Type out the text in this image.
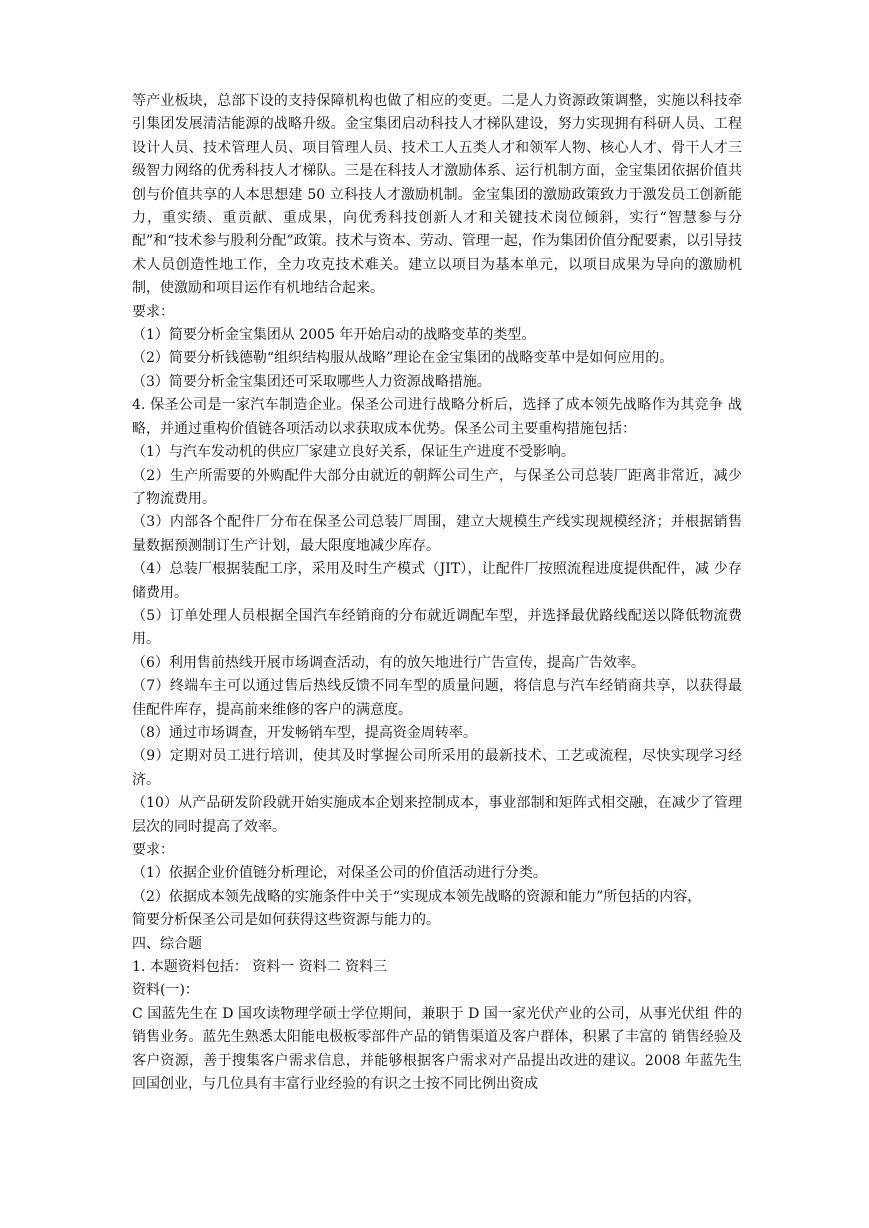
等产业板块，总部下设的支持保障机构也做了相应的变更。二是人力资源政策调整，实施以科技牵引集团发展清洁能源的战略升级。金宝集团启动科技人才梯队建设，努力实现拥有科研人员、工程设计人员、技术管理人员、项目管理人员、技术工人五类人才和领军人物、核心人才、骨干人才三级智力网络的优秀科技人才梯队。三是在科技人才激励体系、运行机制方面，金宝集团依据价值共创与价值共享的人本思想建 50 立科技人才激励机制。金宝集团的激励政策致力于激发员工创新能力，重实绩、重贡献、重成果，向优秀科技创新人才和关键技术岗位倾斜，实行“智慧参与分配”和“技术参与股利分配”政策。技术与资本、劳动、管理一起，作为集团价值分配要素，以引导技术人员创造性地工作，全力攻克技术难关。建立以项目为基本单元，以项目成果为导向的激励机制，使激励和项目运作有机地结合起来。

要求：

（1）简要分析金宝集团从 2005 年开始启动的战略变革的类型。

（2）简要分析钱德勒“组织结构服从战略”理论在金宝集团的战略变革中是如何应用的。

（3）简要分析金宝集团还可采取哪些人力资源战略措施。

4. 保圣公司是一家汽车制造企业。保圣公司进行战略分析后，选择了成本领先战略作为其竞争 战略，并通过重构价值链各项活动以求获取成本优势。保圣公司主要重构措施包括：

（1）与汽车发动机的供应厂家建立良好关系，保证生产进度不受影响。

（2）生产所需要的外购配件大部分由就近的朝辉公司生产，与保圣公司总装厂距离非常近，减少了物流费用。

（3）内部各个配件厂分布在保圣公司总装厂周围，建立大规模生产线实现规模经济；并根据销售量数据预测制订生产计划，最大限度地减少库存。

（4）总装厂根据装配工序，采用及时生产模式（JIT），让配件厂按照流程进度提供配件，减 少存储费用。

（5）订单处理人员根据全国汽车经销商的分布就近调配车型，并选择最优路线配送以降低物流费用。

（6）利用售前热线开展市场调查活动，有的放矢地进行广告宣传，提高广告效率。

（7）终端车主可以通过售后热线反馈不同车型的质量问题，将信息与汽车经销商共享，以获得最佳配件库存，提高前来维修的客户的满意度。

（8）通过市场调查，开发畅销车型，提高资金周转率。

（9）定期对员工进行培训，使其及时掌握公司所采用的最新技术、工艺或流程，尽快实现学习经济。

（10）从产品研发阶段就开始实施成本企划来控制成本，事业部制和矩阵式相交融，在减少了管理层次的同时提高了效率。

要求：

（1）依据企业价值链分析理论，对保圣公司的价值活动进行分类。

（2）依据成本领先战略的实施条件中关于“实现成本领先战略的资源和能力”所包括的内容，

简要分析保圣公司是如何获得这些资源与能力的。

四、综合题

1. 本题资料包括： 资料一 资料二 资料三

资料(一)：

C 国蓝先生在 D 国攻读物理学硕士学位期间，兼职于 D 国一家光伏产业的公司，从事光伏组 件的销售业务。蓝先生熟悉太阳能电极板零部件产品的销售渠道及客户群体，积累了丰富的 销售经验及客户资源，善于搜集客户需求信息，并能够根据客户需求对产品提出改进的建议。2008 年蓝先生回国创业，与几位具有丰富行业经验的有识之士按不同比例出资成
